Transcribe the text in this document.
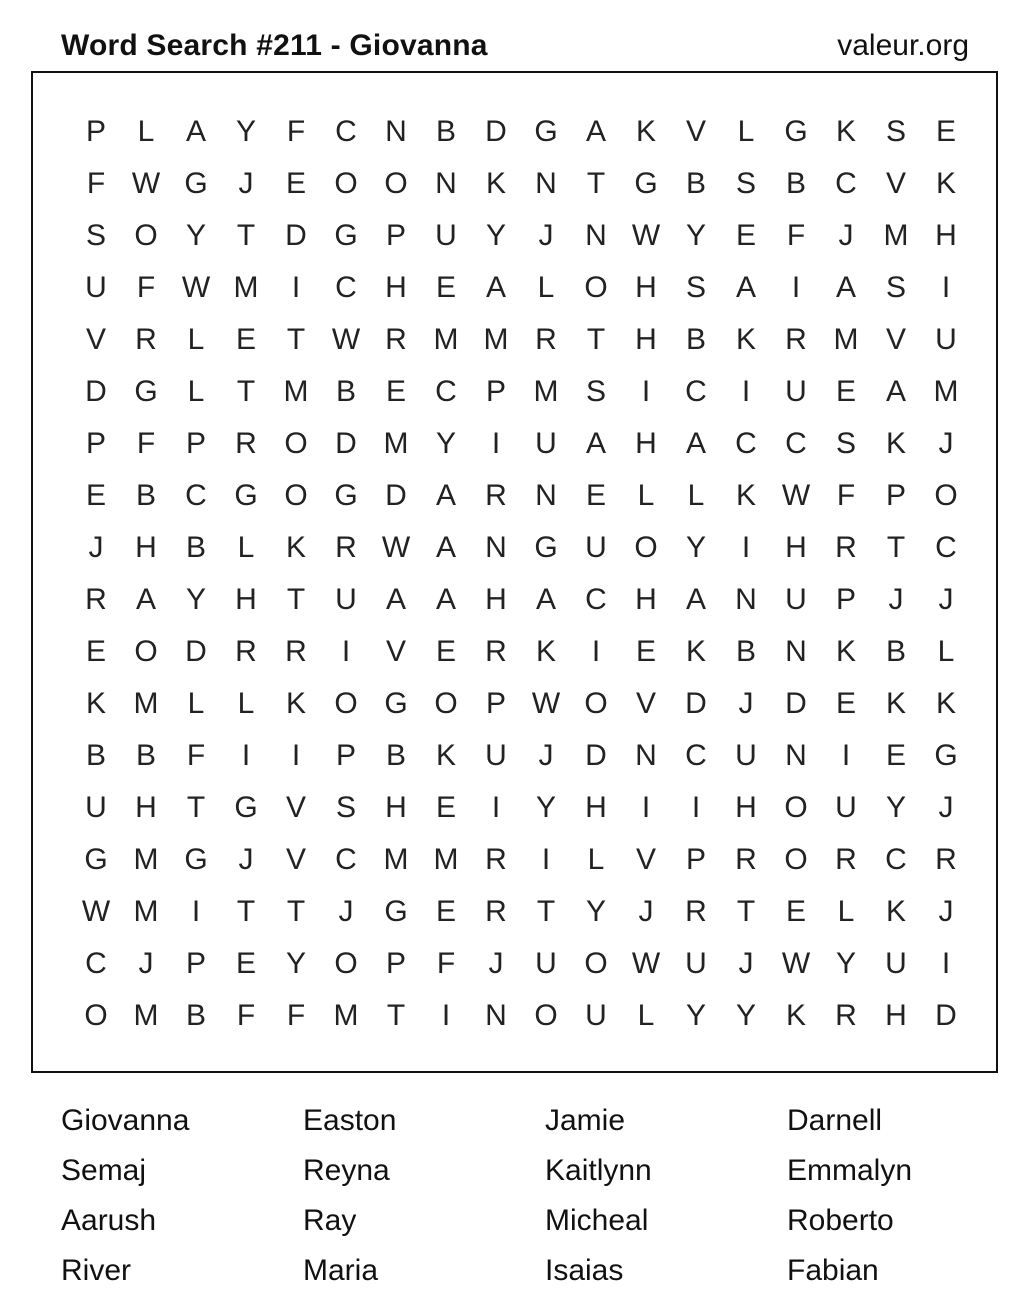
Word Search #211 - Giovanna	valeur.org
P	L	A Y	F	C N B D G A K V	L G K S E
F W G	J	E O O N K N	T G B S B C V K
S O Y	T	D G P U Y	J	N W Y E	F	J	M H
U	F W M	I	C H E A	L O H S A	I	A S	I
V R	L	E	T W R M M R	T	H B K R M V U
D G L	T M B E C P M S	I	C	I	U E A M
P	F	P R O D M Y	I	U A H A C C S K	J
E B C G O G D A R N E	L	L	K W F	P O
J	H B	L	K R W A N G U O Y	I	H R	T	C
R A Y H	T	U A A H A C H A N U P	J	J
E O D R R	I	V E R K	I	E K B N K B	L
K M L	L	K O G O P W O V D	J	D E K K
B B	F	I	I	P B K U	J	D N C U N	I	E G
U H	T G V S H E	I	Y H	I	I	H O U Y	J
G M G	J	V C M M R	I	L	V P R O R C R
W M	I	T	T	J	G E R	T	Y	J	R	T	E	L	K	J
C	J	P E Y O P	F	J	U O W U	J W Y U	I
O M B	F	F M T	I	N O U	L	Y Y K R H D
Giovanna	Easton	Jamie	Darnell
Semaj	Reyna	Kaitlynn	Emmalyn
Aarush	Ray	Micheal	Roberto
River	Maria	Isaias	Fabian
